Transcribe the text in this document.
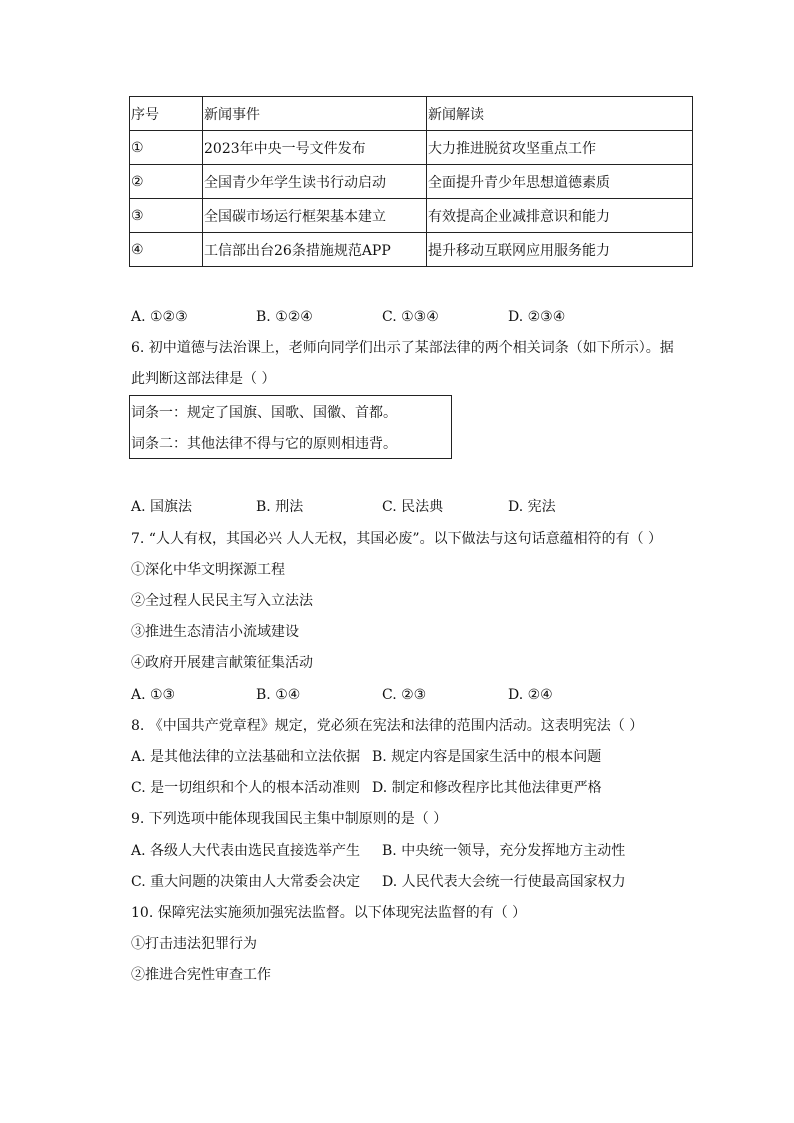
序号	新闻事件	新闻解读
①	2023年中央一号文件发布	大力推进脱贫攻坚重点工作
②	全国青少年学生读书行动启动	全面提升青少年思想道德素质
③	全国碳市场运行框架基本建立	有效提高企业减排意识和能力
④	工信部出台26条措施规范APP	提升移动互联网应用服务能力
A. ①②③	B. ①②④	C. ①③④	D. ②③④
6. 初中道德与法治课上，老师向同学们出示了某部法律的两个相关词条（如下所示）。据
此判断这部法律是（ ）
词条一：规定了国旗、国歌、国徽、首都。
词条二：其他法律不得与它的原则相违背。
A. 国旗法	B. 刑法	C. 民法典	D. 宪法
7. “人人有权，其国必兴 人人无权，其国必废”。以下做法与这句话意蕴相符的有（ ）
①深化中华文明探源工程
②全过程人民民主写入立法法
③推进生态清洁小流域建设
④政府开展建言献策征集活动
A. ①③	B. ①④	C. ②③	D. ②④
8. 《中国共产党章程》规定，党必须在宪法和法律的范围内活动。这表明宪法（ ）
A. 是其他法律的立法基础和立法依据 B. 规定内容是国家生活中的根本问题
C. 是一切组织和个人的根本活动准则 D. 制定和修改程序比其他法律更严格
9. 下列选项中能体现我国民主集中制原则的是（ ）
A. 各级人大代表由选民直接选举产生 B. 中央统一领导，充分发挥地方主动性
C. 重大问题的决策由人大常委会决定 D. 人民代表大会统一行使最高国家权力
10. 保障宪法实施须加强宪法监督。以下体现宪法监督的有（ ）
①打击违法犯罪行为
②推进合宪性审查工作
